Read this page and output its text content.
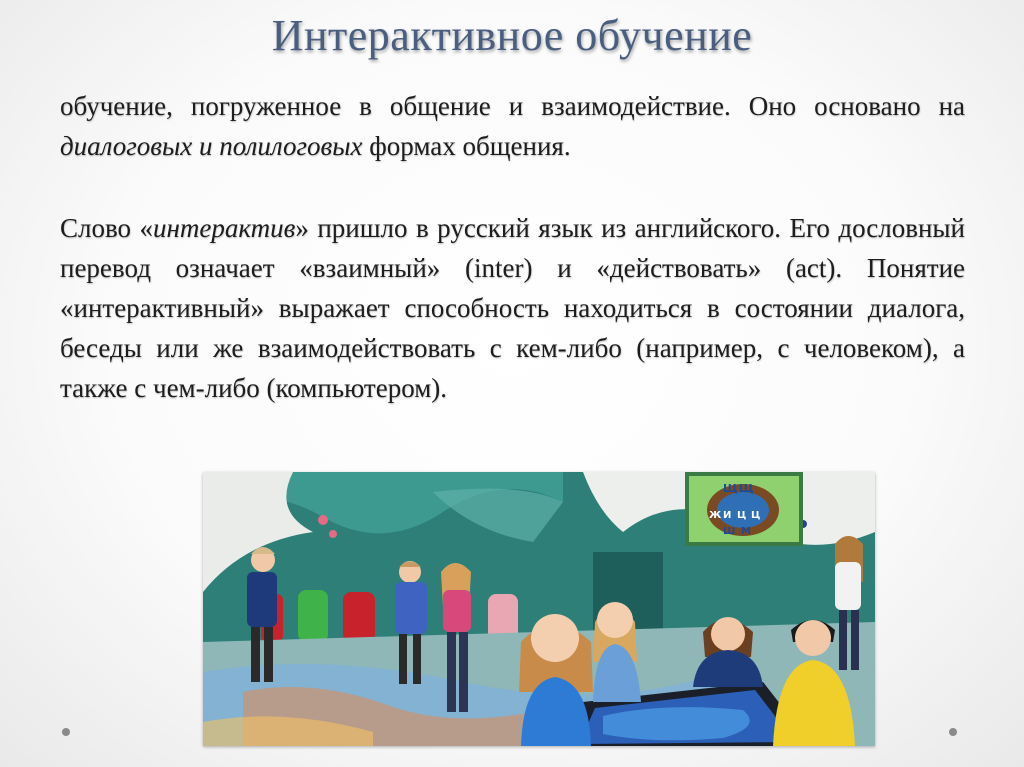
Интерактивное обучение
обучение, погруженное в общение и взаимодействие. Оно основано на диалоговых и полилоговых формах общения.
Слово «интерактив» пришло в русский язык из английского. Его дословный перевод означает «взаимный» (inter) и «действовать» (act). Понятие «интерактивный» выражает способность находиться в состоянии диалога, беседы или же взаимодействовать с кем-либо (например, с человеком), а также с чем-либо (компьютером).
Щ Щ
Ж И Ц Ц
Ш М
